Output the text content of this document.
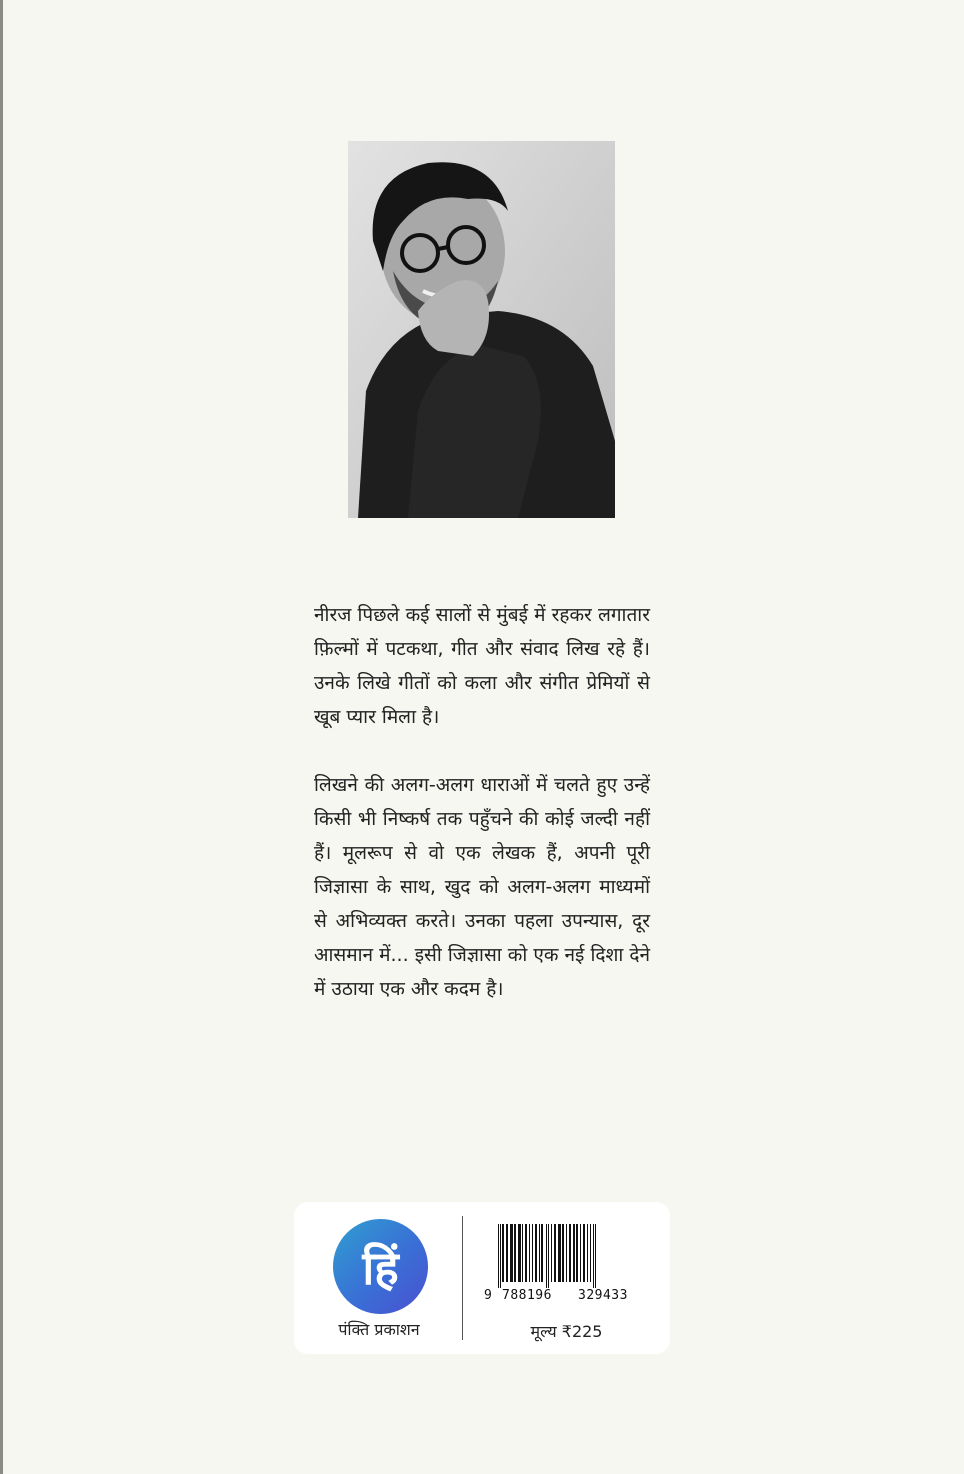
नीरज पिछले कई सालों से मुंबई में रहकर लगातार फ़िल्मों में पटकथा, गीत और संवाद लिख रहे हैं। उनके लिखे गीतों को कला और संगीत प्रेमियों से खूब प्यार मिला है।

लिखने की अलग-अलग धाराओं में चलते हुए उन्हें किसी भी निष्कर्ष तक पहुँचने की कोई जल्दी नहीं हैं। मूलरूप से वो एक लेखक हैं, अपनी पूरी जिज्ञासा के साथ, खुद को अलग-अलग माध्यमों से अभिव्यक्त करते। उनका पहला उपन्यास, दूर आसमान में... इसी जिज्ञासा को एक नई दिशा देने में उठाया एक और कदम है।

हिं
पंक्ति प्रकाशन
9 788196 329433
मूल्य ₹225
